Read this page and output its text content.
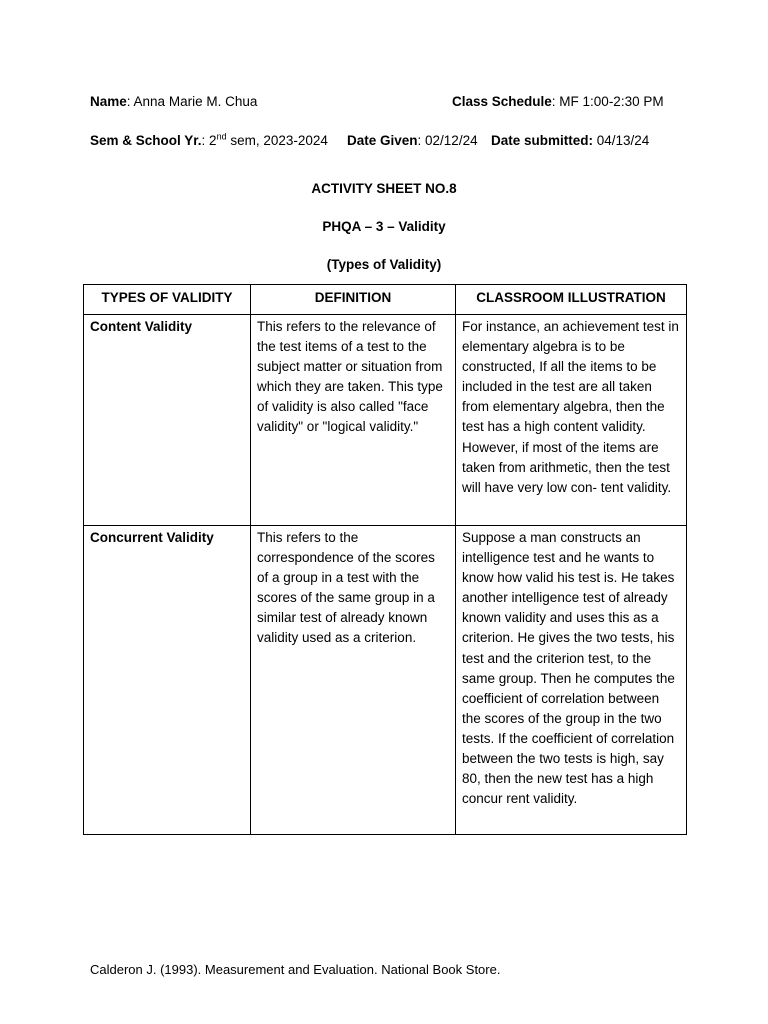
Name: Anna Marie M. Chua	Class Schedule: MF 1:00-2:30 PM
Sem & School Yr.: 2nd sem, 2023-2024 Date Given: 02/12/24 Date submitted: 04/13/24
ACTIVITY SHEET NO.8
PHQA – 3 – Validity
(Types of Validity)
TYPES OF VALIDITY	DEFINITION	CLASSROOM ILLUSTRATION
Content Validity	This refers to the relevance of the test items of a test to the subject matter or situation from which they are taken. This type of validity is also called "face validity" or "logical validity."	For instance, an achievement test in elementary algebra is to be constructed, If all the items to be included in the test are all taken from elementary algebra, then the test has a high content validity. However, if most of the items are taken from arithmetic, then the test will have very low con- tent validity.
Concurrent Validity	This refers to the correspondence of the scores of a group in a test with the scores of the same group in a similar test of already known validity used as a criterion.	Suppose a man constructs an intelligence test and he wants to know how valid his test is. He takes another intelligence test of already known validity and uses this as a criterion. He gives the two tests, his test and the criterion test, to the same group. Then he computes the coefficient of correlation between the scores of the group in the two tests. If the coefficient of correlation between the two tests is high, say 80, then the new test has a high concur rent validity.
Calderon J. (1993). Measurement and Evaluation. National Book Store.
